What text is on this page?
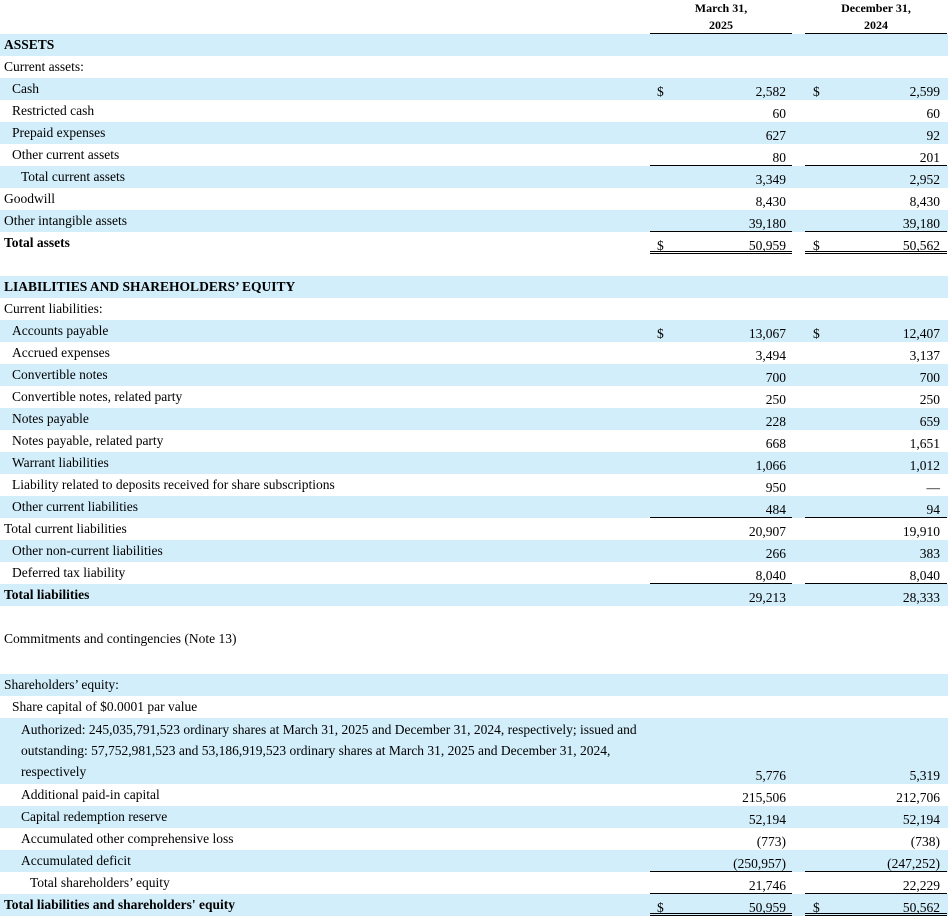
March 31,
2025
December 31,
2024
ASSETS
Current assets:
Cash	$	2,582 $	2,599
Restricted cash	60	60
Prepaid expenses	627	92
Other current assets	80	201
Total current assets	3,349	2,952
Goodwill	8,430	8,430
Other intangible assets	39,180	39,180
Total assets	$	50,959 $	50,562
LIABILITIES AND SHAREHOLDERS’ EQUITY
Current liabilities:
Accounts payable	$	13,067 $	12,407
Accrued expenses	3,494	3,137
Convertible notes	700	700
Convertible notes, related party	250	250
Notes payable	228	659
Notes payable, related party	668	1,651
Warrant liabilities	1,066	1,012
Liability related to deposits received for share subscriptions	950	—
Other current liabilities	484	94
Total current liabilities	20,907	19,910
Other non-current liabilities	266	383
Deferred tax liability	8,040	8,040
Total liabilities	29,213	28,333
Commitments and contingencies (Note 13)
Shareholders’ equity:
Share capital of $0.0001 par value
Authorized: 245,035,791,523 ordinary shares at March 31, 2025 and December 31, 2024, respectively; issued and outstanding: 57,752,981,523 and 53,186,919,523 ordinary shares at March 31, 2025 and December 31, 2024, respectively	5,776	5,319
Additional paid-in capital	215,506	212,706
Capital redemption reserve	52,194	52,194
Accumulated other comprehensive loss	(773)	(738)
Accumulated deficit	(250,957)	(247,252)
Total shareholders’ equity	21,746	22,229
Total liabilities and shareholders' equity	$	50,959 $	50,562
